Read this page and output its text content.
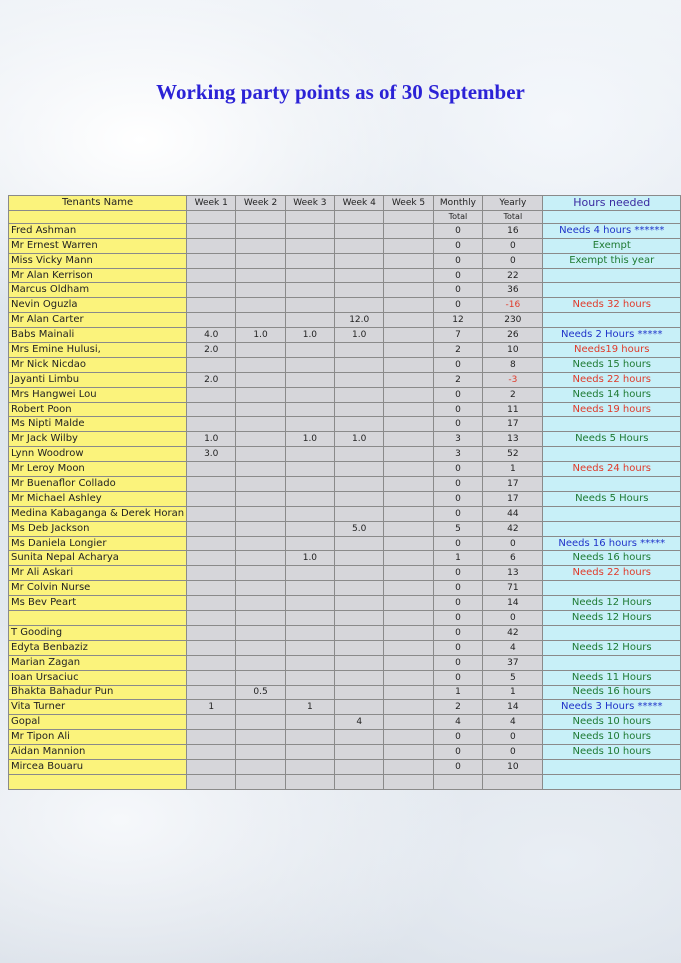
Working party points as of 30 September
Tenants Name	Week 1	Week 2	Week 3	Week 4	Week 5	Monthly	Yearly	Hours needed
						Total	Total	
Fred Ashman						0	16	Needs 4 hours ******
Mr Ernest Warren						0	0	Exempt
Miss Vicky Mann						0	0	Exempt this year
Mr Alan Kerrison						0	22	
Marcus Oldham						0	36	
Nevin Oguzla						0	-16	Needs 32 hours
Mr Alan Carter				12.0		12	230	
Babs Mainali	4.0	1.0	1.0	1.0		7	26	Needs 2 Hours *****
Mrs Emine Hulusi,	2.0					2	10	Needs19 hours
Mr Nick Nicdao						0	8	Needs 15 hours
Jayanti Limbu	2.0					2	-3	Needs 22 hours
Mrs Hangwei Lou						0	2	Needs 14 hours
Robert Poon						0	11	Needs 19 hours
Ms Nipti Malde						0	17	
Mr Jack Wilby	1.0		1.0	1.0		3	13	Needs 5 Hours
Lynn Woodrow	3.0					3	52	
Mr Leroy Moon						0	1	Needs 24 hours
Mr Buenaflor Collado						0	17	
Mr Michael Ashley						0	17	Needs 5 Hours
Medina Kabaganga & Derek Horan						0	44	
Ms Deb Jackson				5.0		5	42	
Ms Daniela Longier						0	0	Needs 16 hours *****
Sunita Nepal Acharya			1.0			1	6	Needs 16 hours
Mr Ali Askari						0	13	Needs 22 hours
Mr Colvin Nurse						0	71	
Ms Bev Peart						0	14	Needs 12 Hours
						0	0	Needs 12 Hours
T Gooding						0	42	
Edyta Benbaziz						0	4	Needs 12 Hours
Marian Zagan						0	37	
Ioan Ursaciuc						0	5	Needs 11 Hours
Bhakta Bahadur Pun		0.5				1	1	Needs 16 hours
Vita Turner	1		1			2	14	Needs 3 Hours *****
Gopal				4		4	4	Needs 10 hours
Mr Tipon Ali						0	0	Needs 10 hours
Aidan Mannion						0	0	Needs 10 hours
Mircea Bouaru						0	10	
